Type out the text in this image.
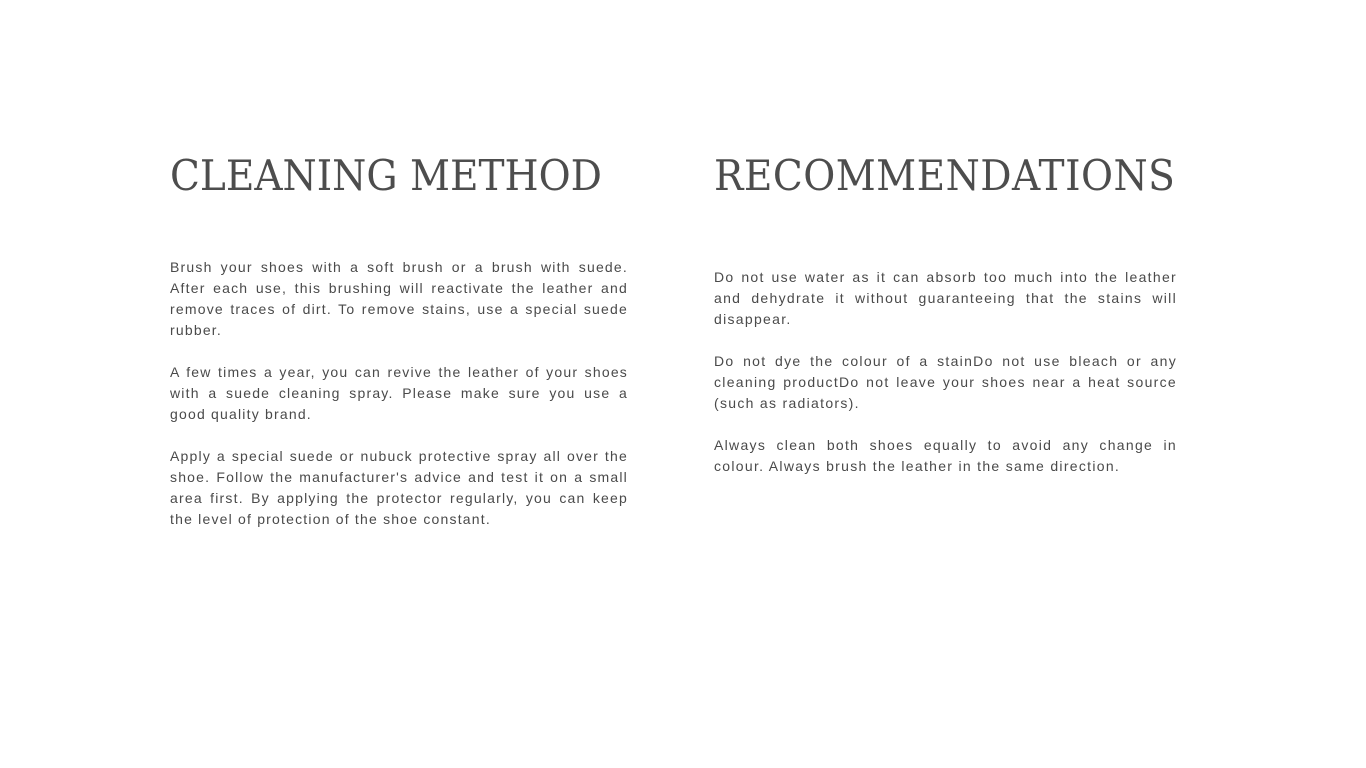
CLEANING METHOD

Brush your shoes with a soft brush or a brush with suede. After each use, this brushing will reactivate the leather and remove traces of dirt. To remove stains, use a special suede rubber.

A few times a year, you can revive the leather of your shoes with a suede cleaning spray. Please make sure you use a good quality brand.

Apply a special suede or nubuck protective spray all over the shoe. Follow the manufacturer's advice and test it on a small area first. By applying the protector regularly, you can keep the level of protection of the shoe constant.

RECOMMENDATIONS

Do not use water as it can absorb too much into the leather and dehydrate it without guaranteeing that the stains will disappear.

Do not dye the colour of a stainDo not use bleach or any cleaning productDo not leave your shoes near a heat source (such as radiators).

Always clean both shoes equally to avoid any change in colour. Always brush the leather in the same direction.
